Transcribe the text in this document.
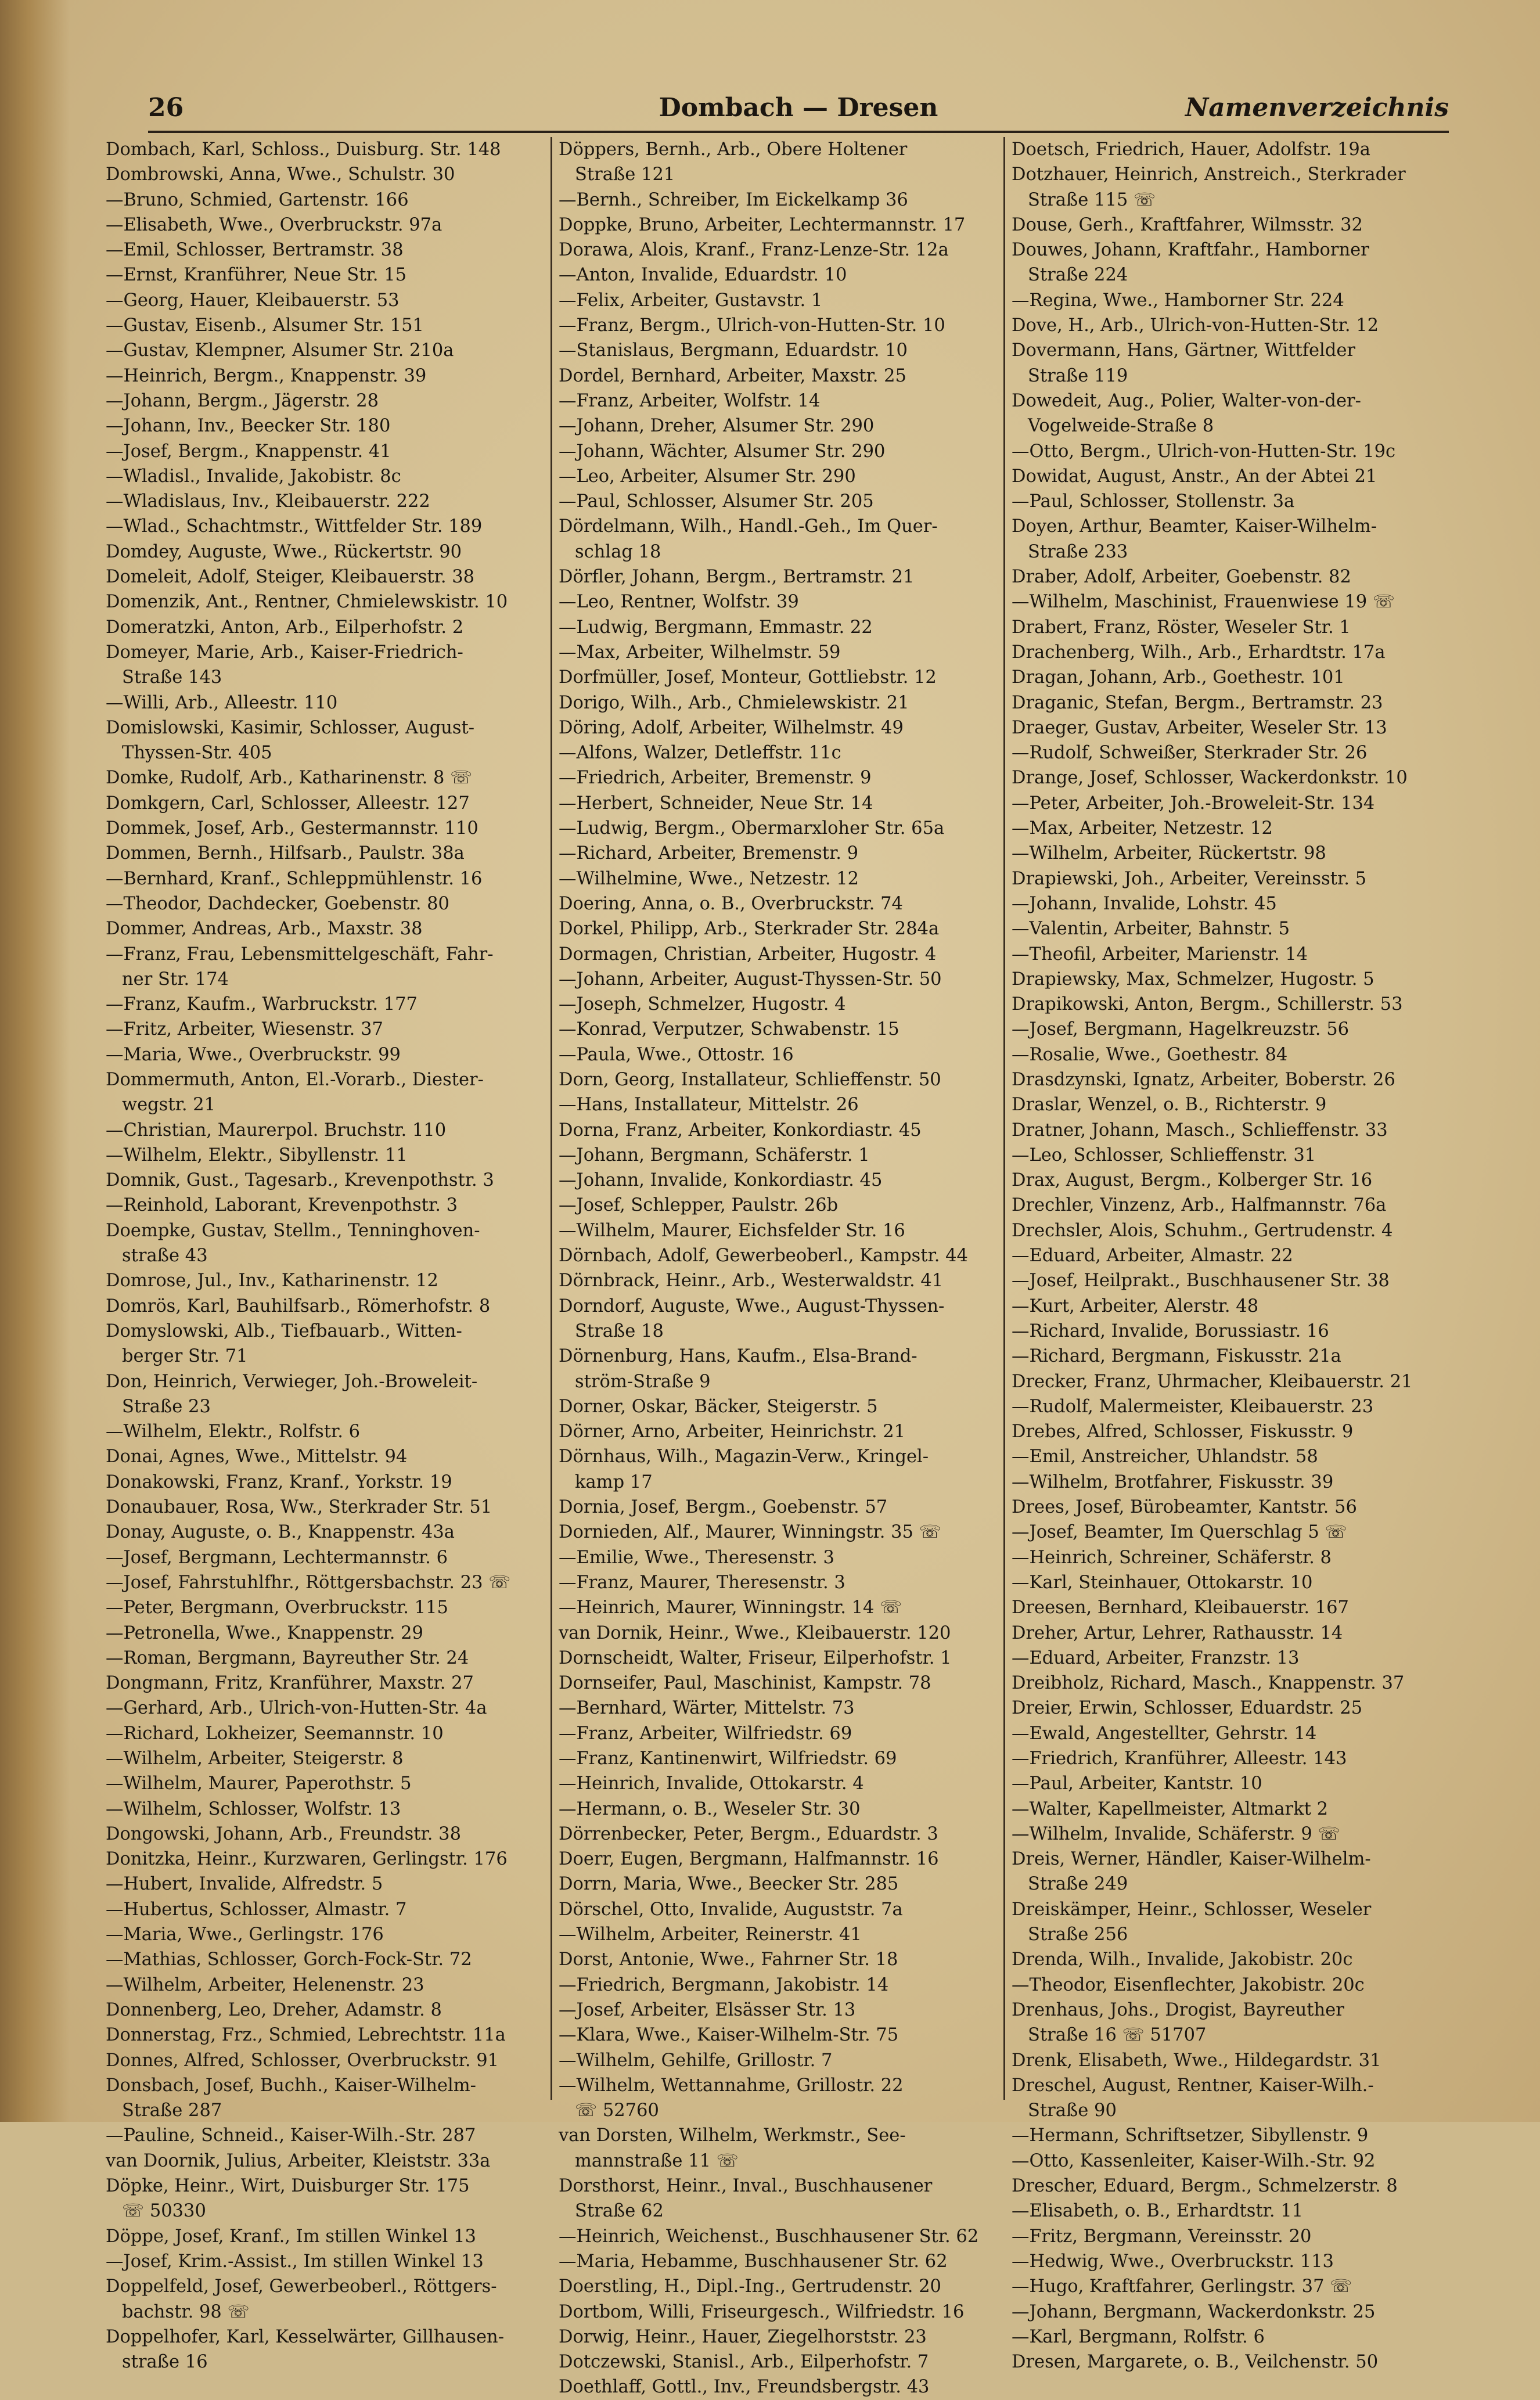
26	Dombach — Dresen	Namenverzeichnis
Dombach, Karl, Schloss., Duisburg. Str. 148
Dombrowski, Anna, Wwe., Schulstr. 30
—Bruno, Schmied, Gartenstr. 166
—Elisabeth, Wwe., Overbruckstr. 97a
—Emil, Schlosser, Bertramstr. 38
—Ernst, Kranführer, Neue Str. 15
—Georg, Hauer, Kleibauerstr. 53
—Gustav, Eisenb., Alsumer Str. 151
—Gustav, Klempner, Alsumer Str. 210a
—Heinrich, Bergm., Knappenstr. 39
—Johann, Bergm., Jägerstr. 28
—Johann, Inv., Beecker Str. 180
—Josef, Bergm., Knappenstr. 41
—Wladisl., Invalide, Jakobistr. 8c
—Wladislaus, Inv., Kleibauerstr. 222
—Wlad., Schachtmstr., Wittfelder Str. 189
Domdey, Auguste, Wwe., Rückertstr. 90
Domeleit, Adolf, Steiger, Kleibauerstr. 38
Domenzik, Ant., Rentner, Chmielewskistr. 10
Domeratzki, Anton, Arb., Eilperhofstr. 2
Domeyer, Marie, Arb., Kaiser-Friedrich-
Straße 143
—Willi, Arb., Alleestr. 110
Domislowski, Kasimir, Schlosser, August-
Thyssen-Str. 405
Domke, Rudolf, Arb., Katharinenstr. 8 ☏
Domkgern, Carl, Schlosser, Alleestr. 127
Dommek, Josef, Arb., Gestermannstr. 110
Dommen, Bernh., Hilfsarb., Paulstr. 38a
—Bernhard, Kranf., Schleppmühlenstr. 16
—Theodor, Dachdecker, Goebenstr. 80
Dommer, Andreas, Arb., Maxstr. 38
—Franz, Frau, Lebensmittelgeschäft, Fahr-
ner Str. 174
—Franz, Kaufm., Warbruckstr. 177
—Fritz, Arbeiter, Wiesenstr. 37
—Maria, Wwe., Overbruckstr. 99
Dommermuth, Anton, El.-Vorarb., Diester-
wegstr. 21
—Christian, Maurerpol. Bruchstr. 110
—Wilhelm, Elektr., Sibyllenstr. 11
Domnik, Gust., Tagesarb., Krevenpothstr. 3
—Reinhold, Laborant, Krevenpothstr. 3
Doempke, Gustav, Stellm., Tenninghoven-
straße 43
Domrose, Jul., Inv., Katharinenstr. 12
Domrös, Karl, Bauhilfsarb., Römerhofstr. 8
Domyslowski, Alb., Tiefbauarb., Witten-
berger Str. 71
Don, Heinrich, Verwieger, Joh.-Broweleit-
Straße 23
—Wilhelm, Elektr., Rolfstr. 6
Donai, Agnes, Wwe., Mittelstr. 94
Donakowski, Franz, Kranf., Yorkstr. 19
Donaubauer, Rosa, Ww., Sterkrader Str. 51
Donay, Auguste, o. B., Knappenstr. 43a
—Josef, Bergmann, Lechtermannstr. 6
—Josef, Fahrstuhlfhr., Röttgersbachstr. 23 ☏
—Peter, Bergmann, Overbruckstr. 115
—Petronella, Wwe., Knappenstr. 29
—Roman, Bergmann, Bayreuther Str. 24
Dongmann, Fritz, Kranführer, Maxstr. 27
—Gerhard, Arb., Ulrich-von-Hutten-Str. 4a
—Richard, Lokheizer, Seemannstr. 10
—Wilhelm, Arbeiter, Steigerstr. 8
—Wilhelm, Maurer, Paperothstr. 5
—Wilhelm, Schlosser, Wolfstr. 13
Dongowski, Johann, Arb., Freundstr. 38
Donitzka, Heinr., Kurzwaren, Gerlingstr. 176
—Hubert, Invalide, Alfredstr. 5
—Hubertus, Schlosser, Almastr. 7
—Maria, Wwe., Gerlingstr. 176
—Mathias, Schlosser, Gorch-Fock-Str. 72
—Wilhelm, Arbeiter, Helenenstr. 23
Donnenberg, Leo, Dreher, Adamstr. 8
Donnerstag, Frz., Schmied, Lebrechtstr. 11a
Donnes, Alfred, Schlosser, Overbruckstr. 91
Donsbach, Josef, Buchh., Kaiser-Wilhelm-
Straße 287
—Pauline, Schneid., Kaiser-Wilh.-Str. 287
van Doornik, Julius, Arbeiter, Kleiststr. 33a
Döpke, Heinr., Wirt, Duisburger Str. 175
☏ 50330
Döppe, Josef, Kranf., Im stillen Winkel 13
—Josef, Krim.-Assist., Im stillen Winkel 13
Doppelfeld, Josef, Gewerbeoberl., Röttgers-
bachstr. 98 ☏
Doppelhofer, Karl, Kesselwärter, Gillhausen-
straße 16
Döppers, Bernh., Arb., Obere Holtener
Straße 121
—Bernh., Schreiber, Im Eickelkamp 36
Doppke, Bruno, Arbeiter, Lechtermannstr. 17
Dorawa, Alois, Kranf., Franz-Lenze-Str. 12a
—Anton, Invalide, Eduardstr. 10
—Felix, Arbeiter, Gustavstr. 1
—Franz, Bergm., Ulrich-von-Hutten-Str. 10
—Stanislaus, Bergmann, Eduardstr. 10
Dordel, Bernhard, Arbeiter, Maxstr. 25
—Franz, Arbeiter, Wolfstr. 14
—Johann, Dreher, Alsumer Str. 290
—Johann, Wächter, Alsumer Str. 290
—Leo, Arbeiter, Alsumer Str. 290
—Paul, Schlosser, Alsumer Str. 205
Dördelmann, Wilh., Handl.-Geh., Im Quer-
schlag 18
Dörfler, Johann, Bergm., Bertramstr. 21
—Leo, Rentner, Wolfstr. 39
—Ludwig, Bergmann, Emmastr. 22
—Max, Arbeiter, Wilhelmstr. 59
Dorfmüller, Josef, Monteur, Gottliebstr. 12
Dorigo, Wilh., Arb., Chmielewskistr. 21
Döring, Adolf, Arbeiter, Wilhelmstr. 49
—Alfons, Walzer, Detleffstr. 11c
—Friedrich, Arbeiter, Bremenstr. 9
—Herbert, Schneider, Neue Str. 14
—Ludwig, Bergm., Obermarxloher Str. 65a
—Richard, Arbeiter, Bremenstr. 9
—Wilhelmine, Wwe., Netzestr. 12
Doering, Anna, o. B., Overbruckstr. 74
Dorkel, Philipp, Arb., Sterkrader Str. 284a
Dormagen, Christian, Arbeiter, Hugostr. 4
—Johann, Arbeiter, August-Thyssen-Str. 50
—Joseph, Schmelzer, Hugostr. 4
—Konrad, Verputzer, Schwabenstr. 15
—Paula, Wwe., Ottostr. 16
Dorn, Georg, Installateur, Schlieffenstr. 50
—Hans, Installateur, Mittelstr. 26
Dorna, Franz, Arbeiter, Konkordiastr. 45
—Johann, Bergmann, Schäferstr. 1
—Johann, Invalide, Konkordiastr. 45
—Josef, Schlepper, Paulstr. 26b
—Wilhelm, Maurer, Eichsfelder Str. 16
Dörnbach, Adolf, Gewerbeoberl., Kampstr. 44
Dörnbrack, Heinr., Arb., Westerwaldstr. 41
Dorndorf, Auguste, Wwe., August-Thyssen-
Straße 18
Dörnenburg, Hans, Kaufm., Elsa-Brand-
ström-Straße 9
Dorner, Oskar, Bäcker, Steigerstr. 5
Dörner, Arno, Arbeiter, Heinrichstr. 21
Dörnhaus, Wilh., Magazin-Verw., Kringel-
kamp 17
Dornia, Josef, Bergm., Goebenstr. 57
Dornieden, Alf., Maurer, Winningstr. 35 ☏
—Emilie, Wwe., Theresenstr. 3
—Franz, Maurer, Theresenstr. 3
—Heinrich, Maurer, Winningstr. 14 ☏
van Dornik, Heinr., Wwe., Kleibauerstr. 120
Dornscheidt, Walter, Friseur, Eilperhofstr. 1
Dornseifer, Paul, Maschinist, Kampstr. 78
—Bernhard, Wärter, Mittelstr. 73
—Franz, Arbeiter, Wilfriedstr. 69
—Franz, Kantinenwirt, Wilfriedstr. 69
—Heinrich, Invalide, Ottokarstr. 4
—Hermann, o. B., Weseler Str. 30
Dörrenbecker, Peter, Bergm., Eduardstr. 3
Doerr, Eugen, Bergmann, Halfmannstr. 16
Dorrn, Maria, Wwe., Beecker Str. 285
Dörschel, Otto, Invalide, Auguststr. 7a
—Wilhelm, Arbeiter, Reinerstr. 41
Dorst, Antonie, Wwe., Fahrner Str. 18
—Friedrich, Bergmann, Jakobistr. 14
—Josef, Arbeiter, Elsässer Str. 13
—Klara, Wwe., Kaiser-Wilhelm-Str. 75
—Wilhelm, Gehilfe, Grillostr. 7
—Wilhelm, Wettannahme, Grillostr. 22
☏ 52760
van Dorsten, Wilhelm, Werkmstr., See-
mannstraße 11 ☏
Dorsthorst, Heinr., Inval., Buschhausener
Straße 62
—Heinrich, Weichenst., Buschhausener Str. 62
—Maria, Hebamme, Buschhausener Str. 62
Doerstling, H., Dipl.-Ing., Gertrudenstr. 20
Dortbom, Willi, Friseurgesch., Wilfriedstr. 16
Dorwig, Heinr., Hauer, Ziegelhorststr. 23
Dotczewski, Stanisl., Arb., Eilperhofstr. 7
Doethlaff, Gottl., Inv., Freundsbergstr. 43
Doetsch, Friedrich, Hauer, Adolfstr. 19a
Dotzhauer, Heinrich, Anstreich., Sterkrader
Straße 115 ☏
Douse, Gerh., Kraftfahrer, Wilmsstr. 32
Douwes, Johann, Kraftfahr., Hamborner
Straße 224
—Regina, Wwe., Hamborner Str. 224
Dove, H., Arb., Ulrich-von-Hutten-Str. 12
Dovermann, Hans, Gärtner, Wittfelder
Straße 119
Dowedeit, Aug., Polier, Walter-von-der-
Vogelweide-Straße 8
—Otto, Bergm., Ulrich-von-Hutten-Str. 19c
Dowidat, August, Anstr., An der Abtei 21
—Paul, Schlosser, Stollenstr. 3a
Doyen, Arthur, Beamter, Kaiser-Wilhelm-
Straße 233
Draber, Adolf, Arbeiter, Goebenstr. 82
—Wilhelm, Maschinist, Frauenwiese 19 ☏
Drabert, Franz, Röster, Weseler Str. 1
Drachenberg, Wilh., Arb., Erhardtstr. 17a
Dragan, Johann, Arb., Goethestr. 101
Draganic, Stefan, Bergm., Bertramstr. 23
Draeger, Gustav, Arbeiter, Weseler Str. 13
—Rudolf, Schweißer, Sterkrader Str. 26
Drange, Josef, Schlosser, Wackerdonkstr. 10
—Peter, Arbeiter, Joh.-Broweleit-Str. 134
—Max, Arbeiter, Netzestr. 12
—Wilhelm, Arbeiter, Rückertstr. 98
Drapiewski, Joh., Arbeiter, Vereinsstr. 5
—Johann, Invalide, Lohstr. 45
—Valentin, Arbeiter, Bahnstr. 5
—Theofil, Arbeiter, Marienstr. 14
Drapiewsky, Max, Schmelzer, Hugostr. 5
Drapikowski, Anton, Bergm., Schillerstr. 53
—Josef, Bergmann, Hagelkreuzstr. 56
—Rosalie, Wwe., Goethestr. 84
Drasdzynski, Ignatz, Arbeiter, Boberstr. 26
Draslar, Wenzel, o. B., Richterstr. 9
Dratner, Johann, Masch., Schlieffenstr. 33
—Leo, Schlosser, Schlieffenstr. 31
Drax, August, Bergm., Kolberger Str. 16
Drechler, Vinzenz, Arb., Halfmannstr. 76a
Drechsler, Alois, Schuhm., Gertrudenstr. 4
—Eduard, Arbeiter, Almastr. 22
—Josef, Heilprakt., Buschhausener Str. 38
—Kurt, Arbeiter, Alerstr. 48
—Richard, Invalide, Borussiastr. 16
—Richard, Bergmann, Fiskusstr. 21a
Drecker, Franz, Uhrmacher, Kleibauerstr. 21
—Rudolf, Malermeister, Kleibauerstr. 23
Drebes, Alfred, Schlosser, Fiskusstr. 9
—Emil, Anstreicher, Uhlandstr. 58
—Wilhelm, Brotfahrer, Fiskusstr. 39
Drees, Josef, Bürobeamter, Kantstr. 56
—Josef, Beamter, Im Querschlag 5 ☏
—Heinrich, Schreiner, Schäferstr. 8
—Karl, Steinhauer, Ottokarstr. 10
Dreesen, Bernhard, Kleibauerstr. 167
Dreher, Artur, Lehrer, Rathausstr. 14
—Eduard, Arbeiter, Franzstr. 13
Dreibholz, Richard, Masch., Knappenstr. 37
Dreier, Erwin, Schlosser, Eduardstr. 25
—Ewald, Angestellter, Gehrstr. 14
—Friedrich, Kranführer, Alleestr. 143
—Paul, Arbeiter, Kantstr. 10
—Walter, Kapellmeister, Altmarkt 2
—Wilhelm, Invalide, Schäferstr. 9 ☏
Dreis, Werner, Händler, Kaiser-Wilhelm-
Straße 249
Dreiskämper, Heinr., Schlosser, Weseler
Straße 256
Drenda, Wilh., Invalide, Jakobistr. 20c
—Theodor, Eisenflechter, Jakobistr. 20c
Drenhaus, Johs., Drogist, Bayreuther
Straße 16 ☏ 51707
Drenk, Elisabeth, Wwe., Hildegardstr. 31
Dreschel, August, Rentner, Kaiser-Wilh.-
Straße 90
—Hermann, Schriftsetzer, Sibyllenstr. 9
—Otto, Kassenleiter, Kaiser-Wilh.-Str. 92
Drescher, Eduard, Bergm., Schmelzerstr. 8
—Elisabeth, o. B., Erhardtstr. 11
—Fritz, Bergmann, Vereinsstr. 20
—Hedwig, Wwe., Overbruckstr. 113
—Hugo, Kraftfahrer, Gerlingstr. 37 ☏
—Johann, Bergmann, Wackerdonkstr. 25
—Karl, Bergmann, Rolfstr. 6
Dresen, Margarete, o. B., Veilchenstr. 50
